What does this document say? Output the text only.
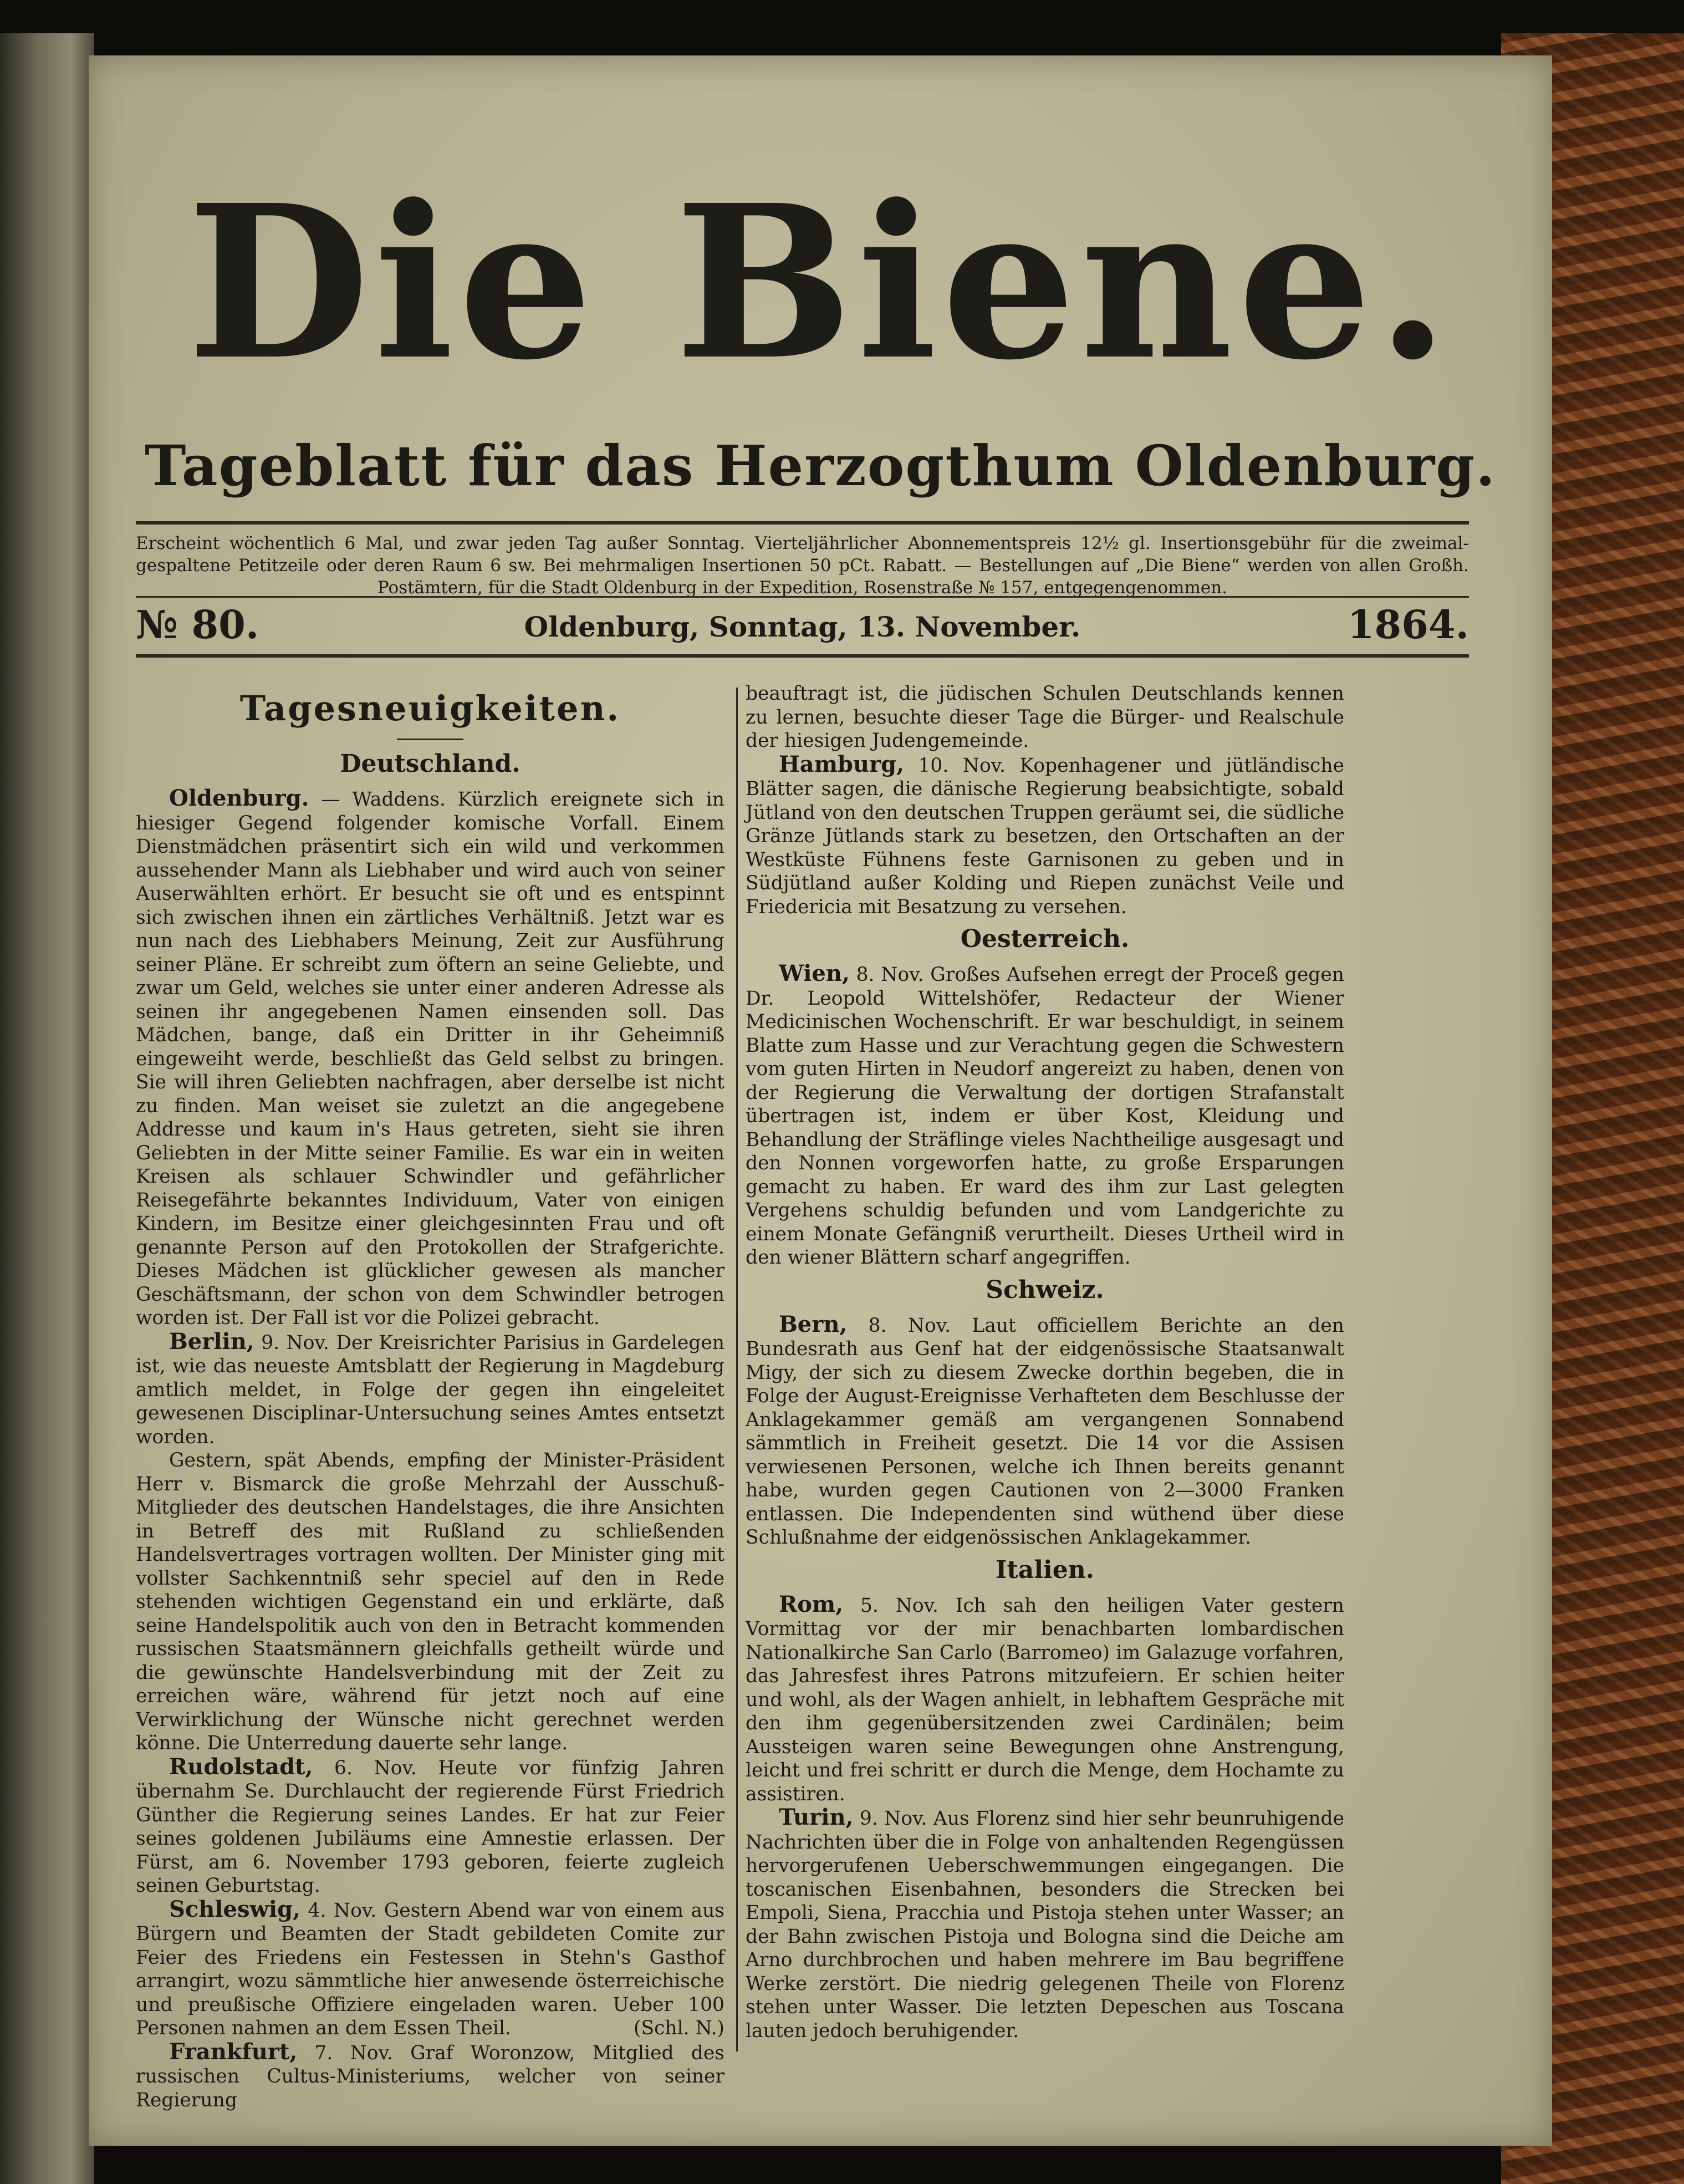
Die Biene.
Tageblatt für das Herzogthum Oldenburg.
Erscheint wöchentlich 6 Mal, und zwar jeden Tag außer Sonntag. Vierteljährlicher Abonnementspreis 12½ gl. Insertionsgebühr für die zweimal-gespaltene Petitzeile oder deren Raum 6 sw. Bei mehrmaligen Insertionen 50 pCt. Rabatt. — Bestellungen auf „Die Biene“ werden von allen Großh. Postämtern, für die Stadt Oldenburg in der Expedition, Rosenstraße № 157, entgegengenommen.
№ 80.	Oldenburg, Sonntag, 13. November.	1864.
Tagesneuigkeiten.
Deutschland.

Oldenburg. — Waddens. Kürzlich ereignete sich in hiesiger Gegend folgender komische Vorfall. Einem Dienstmädchen präsentirt sich ein wild und verkommen aussehender Mann als Liebhaber und wird auch von seiner Auserwählten erhört. Er besucht sie oft und es entspinnt sich zwischen ihnen ein zärtliches Verhältniß. Jetzt war es nun nach des Liebhabers Meinung, Zeit zur Ausführung seiner Pläne. Er schreibt zum öftern an seine Geliebte, und zwar um Geld, welches sie unter einer anderen Adresse als seinen ihr angegebenen Namen einsenden soll. Das Mädchen, bange, daß ein Dritter in ihr Geheimniß eingeweiht werde, beschließt das Geld selbst zu bringen. Sie will ihren Geliebten nachfragen, aber derselbe ist nicht zu finden. Man weiset sie zuletzt an die angegebene Addresse und kaum in's Haus getreten, sieht sie ihren Geliebten in der Mitte seiner Familie. Es war ein in weiten Kreisen als schlauer Schwindler und gefährlicher Reisegefährte bekanntes Individuum, Vater von einigen Kindern, im Besitze einer gleichgesinnten Frau und oft genannte Person auf den Protokollen der Strafgerichte. Dieses Mädchen ist glücklicher gewesen als mancher Geschäftsmann, der schon von dem Schwindler betrogen worden ist. Der Fall ist vor die Polizei gebracht.

Berlin, 9. Nov. Der Kreisrichter Parisius in Gardelegen ist, wie das neueste Amtsblatt der Regierung in Magdeburg amtlich meldet, in Folge der gegen ihn eingeleitet gewesenen Disciplinar-Untersuchung seines Amtes entsetzt worden.

Gestern, spät Abends, empfing der Minister-Präsident Herr v. Bismarck die große Mehrzahl der Ausschuß-Mitglieder des deutschen Handelstages, die ihre Ansichten in Betreff des mit Rußland zu schließenden Handelsvertrages vortragen wollten. Der Minister ging mit vollster Sachkenntniß sehr speciel auf den in Rede stehenden wichtigen Gegenstand ein und erklärte, daß seine Handelspolitik auch von den in Betracht kommenden russischen Staatsmännern gleichfalls getheilt würde und die gewünschte Handelsverbindung mit der Zeit zu erreichen wäre, während für jetzt noch auf eine Verwirklichung der Wünsche nicht gerechnet werden könne. Die Unterredung dauerte sehr lange.

Rudolstadt, 6. Nov. Heute vor fünfzig Jahren übernahm Se. Durchlaucht der regierende Fürst Friedrich Günther die Regierung seines Landes. Er hat zur Feier seines goldenen Jubiläums eine Amnestie erlassen. Der Fürst, am 6. November 1793 geboren, feierte zugleich seinen Geburtstag.

Schleswig, 4. Nov. Gestern Abend war von einem aus Bürgern und Beamten der Stadt gebildeten Comite zur Feier des Friedens ein Festessen in Stehn's Gasthof arrangirt, wozu sämmtliche hier anwesende österreichische und preußische Offiziere eingeladen waren. Ueber 100 Personen nahmen an dem Essen Theil.	(Schl. N.)

Frankfurt, 7. Nov. Graf Woronzow, Mitglied des russischen Cultus-Ministeriums, welcher von seiner Regierung

beauftragt ist, die jüdischen Schulen Deutschlands kennen zu lernen, besuchte dieser Tage die Bürger- und Realschule der hiesigen Judengemeinde.

Hamburg, 10. Nov. Kopenhagener und jütländische Blätter sagen, die dänische Regierung beabsichtigte, sobald Jütland von den deutschen Truppen geräumt sei, die südliche Gränze Jütlands stark zu besetzen, den Ortschaften an der Westküste Fühnens feste Garnisonen zu geben und in Südjütland außer Kolding und Riepen zunächst Veile und Friedericia mit Besatzung zu versehen.

Oesterreich.

Wien, 8. Nov. Großes Aufsehen erregt der Proceß gegen Dr. Leopold Wittelshöfer, Redacteur der Wiener Medicinischen Wochenschrift. Er war beschuldigt, in seinem Blatte zum Hasse und zur Verachtung gegen die Schwestern vom guten Hirten in Neudorf angereizt zu haben, denen von der Regierung die Verwaltung der dortigen Strafanstalt übertragen ist, indem er über Kost, Kleidung und Behandlung der Sträflinge vieles Nachtheilige ausgesagt und den Nonnen vorgeworfen hatte, zu große Ersparungen gemacht zu haben. Er ward des ihm zur Last gelegten Vergehens schuldig befunden und vom Landgerichte zu einem Monate Gefängniß verurtheilt. Dieses Urtheil wird in den wiener Blättern scharf angegriffen.

Schweiz.

Bern, 8. Nov. Laut officiellem Berichte an den Bundesrath aus Genf hat der eidgenössische Staatsanwalt Migy, der sich zu diesem Zwecke dorthin begeben, die in Folge der August-Ereignisse Verhafteten dem Beschlusse der Anklagekammer gemäß am vergangenen Sonnabend sämmtlich in Freiheit gesetzt. Die 14 vor die Assisen verwiesenen Personen, welche ich Ihnen bereits genannt habe, wurden gegen Cautionen von 2—3000 Franken entlassen. Die Independenten sind wüthend über diese Schlußnahme der eidgenössischen Anklagekammer.

Italien.

Rom, 5. Nov. Ich sah den heiligen Vater gestern Vormittag vor der mir benachbarten lombardischen Nationalkirche San Carlo (Barromeo) im Galazuge vorfahren, das Jahresfest ihres Patrons mitzufeiern. Er schien heiter und wohl, als der Wagen anhielt, in lebhaftem Gespräche mit den ihm gegenübersitzenden zwei Cardinälen; beim Aussteigen waren seine Bewegungen ohne Anstrengung, leicht und frei schritt er durch die Menge, dem Hochamte zu assistiren.

Turin, 9. Nov. Aus Florenz sind hier sehr beunruhigende Nachrichten über die in Folge von anhaltenden Regengüssen hervorgerufenen Ueberschwemmungen eingegangen. Die toscanischen Eisenbahnen, besonders die Strecken bei Empoli, Siena, Pracchia und Pistoja stehen unter Wasser; an der Bahn zwischen Pistoja und Bologna sind die Deiche am Arno durchbrochen und haben mehrere im Bau begriffene Werke zerstört. Die niedrig gelegenen Theile von Florenz stehen unter Wasser. Die letzten Depeschen aus Toscana lauten jedoch beruhigender.
